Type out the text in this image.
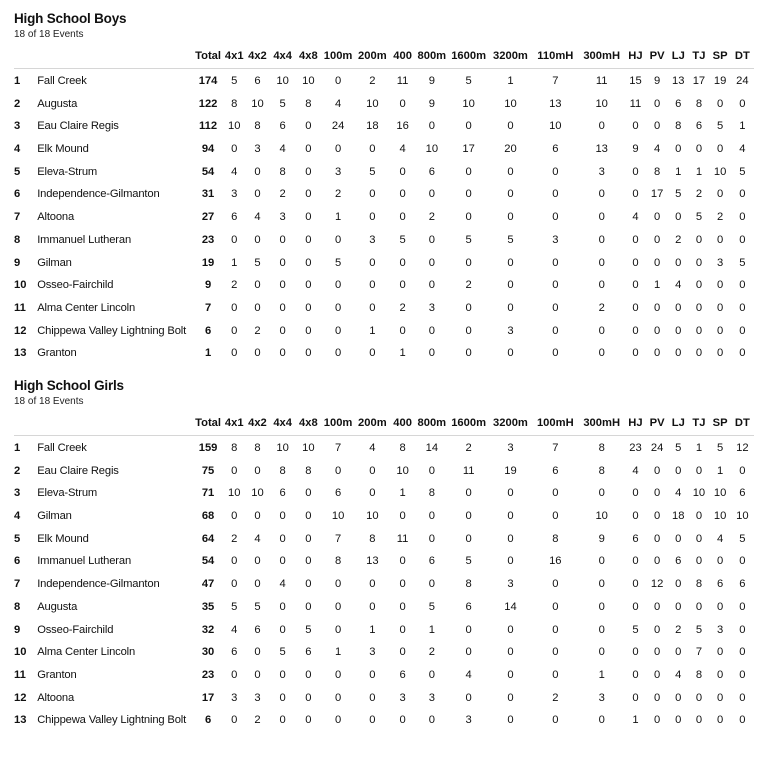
High School Boys
18 of 18 Events
		Total	4x1	4x2	4x4	4x8	100m	200m	400	800m	1600m	3200m	110mH	300mH	HJ	PV	LJ	TJ	SP	DT
1	Fall Creek	174	5	6	10	10	0	2	11	9	5	1	7	11	15	9	13	17	19	24
2	Augusta	122	8	10	5	8	4	10	0	9	10	10	13	10	11	0	6	8	0	0
3	Eau Claire Regis	112	10	8	6	0	24	18	16	0	0	0	10	0	0	0	8	6	5	1
4	Elk Mound	94	0	3	4	0	0	0	4	10	17	20	6	13	9	4	0	0	0	4
5	Eleva-Strum	54	4	0	8	0	3	5	0	6	0	0	0	3	0	8	1	1	10	5
6	Independence-Gilmanton	31	3	0	2	0	2	0	0	0	0	0	0	0	0	17	5	2	0	0
7	Altoona	27	6	4	3	0	1	0	0	2	0	0	0	0	4	0	0	5	2	0
8	Immanuel Lutheran	23	0	0	0	0	0	3	5	0	5	5	3	0	0	0	2	0	0	0
9	Gilman	19	1	5	0	0	5	0	0	0	0	0	0	0	0	0	0	0	3	5
10	Osseo-Fairchild	9	2	0	0	0	0	0	0	0	2	0	0	0	0	1	4	0	0	0
11	Alma Center Lincoln	7	0	0	0	0	0	0	2	3	0	0	0	2	0	0	0	0	0	0
12	Chippewa Valley Lightning Bolt	6	0	2	0	0	0	1	0	0	0	3	0	0	0	0	0	0	0	0
13	Granton	1	0	0	0	0	0	0	1	0	0	0	0	0	0	0	0	0	0	0
High School Girls
18 of 18 Events
		Total	4x1	4x2	4x4	4x8	100m	200m	400	800m	1600m	3200m	100mH	300mH	HJ	PV	LJ	TJ	SP	DT
1	Fall Creek	159	8	8	10	10	7	4	8	14	2	3	7	8	23	24	5	1	5	12
2	Eau Claire Regis	75	0	0	8	8	0	0	10	0	11	19	6	8	4	0	0	0	1	0
3	Eleva-Strum	71	10	10	6	0	6	0	1	8	0	0	0	0	0	0	4	10	10	6
4	Gilman	68	0	0	0	0	10	10	0	0	0	0	0	10	0	0	18	0	10	10
5	Elk Mound	64	2	4	0	0	7	8	11	0	0	0	8	9	6	0	0	0	4	5
6	Immanuel Lutheran	54	0	0	0	0	8	13	0	6	5	0	16	0	0	0	6	0	0	0
7	Independence-Gilmanton	47	0	0	4	0	0	0	0	0	8	3	0	0	0	12	0	8	6	6
8	Augusta	35	5	5	0	0	0	0	0	5	6	14	0	0	0	0	0	0	0	0
9	Osseo-Fairchild	32	4	6	0	5	0	1	0	1	0	0	0	0	5	0	2	5	3	0
10	Alma Center Lincoln	30	6	0	5	6	1	3	0	2	0	0	0	0	0	0	0	7	0	0
11	Granton	23	0	0	0	0	0	0	6	0	4	0	0	1	0	0	4	8	0	0
12	Altoona	17	3	3	0	0	0	0	3	3	0	0	2	3	0	0	0	0	0	0
13	Chippewa Valley Lightning Bolt	6	0	2	0	0	0	0	0	0	3	0	0	0	1	0	0	0	0	0
